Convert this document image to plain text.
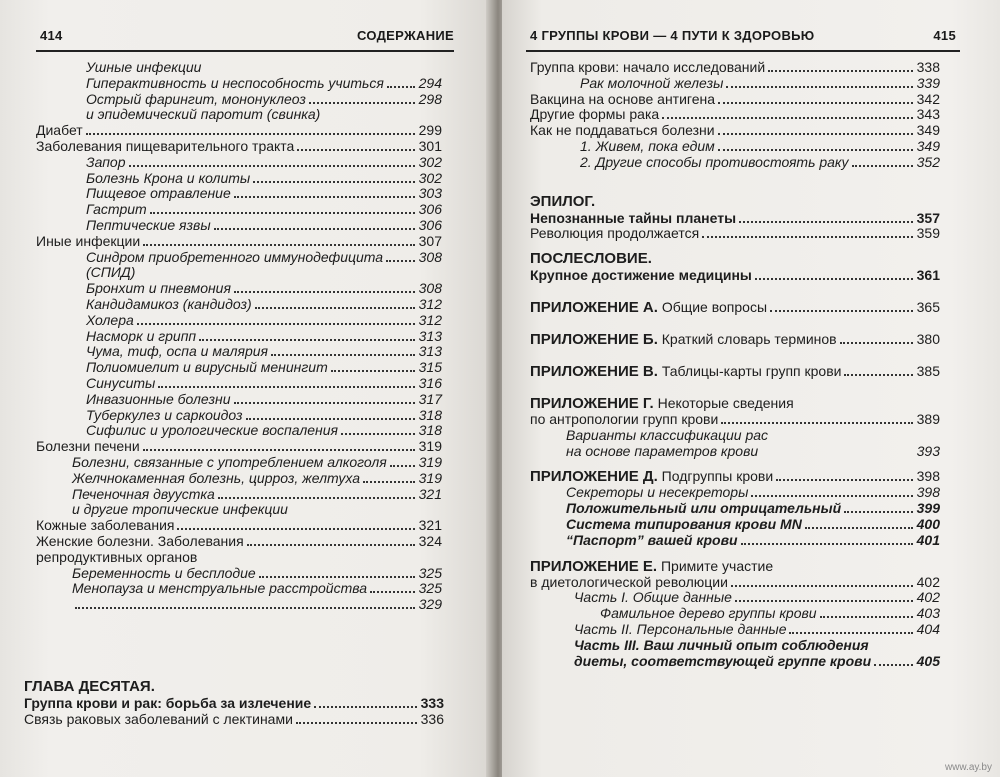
414	СОДЕРЖАНИЕ
Ушные инфекции
Гиперактивность и неспособность учиться 294
Острый фарингит, мононуклеоз	298
и эпидемический паротит (свинка)
Диабет	299
Заболевания пищеварительного тракта	301
Запор	302
Болезнь Крона и колиты	302
Пищевое отравление	303
Гастрит	306
Пептические язвы	306
Иные инфекции	307
Синдром приобретенного иммунодефицита	308
(СПИД)
Бронхит и пневмония	308
Кандидамикоз (кандидоз)	312
Холера	312
Насморк и грипп	313
Чума, тиф, оспа и малярия	313
Полиомиелит и вирусный менингит	315
Синуситы	316
Инвазионные болезни	317
Туберкулез и саркоидоз	318
Сифилис и урологические воспаления	318
Болезни печени	319
Болезни, связанные с употреблением алкоголя 319
Желчнокаменная болезнь, цирроз, желтуха	319
Печеночная двуустка	321
и другие тропические инфекции
Кожные заболевания	321
Женские болезни. Заболевания	324
репродуктивных органов
Беременность и бесплодие	325
Менопауза и менструальные расстройства	325
329
ГЛАВА ДЕСЯТАЯ.
Группа крови и рак: борьба за излечение	333
Связь раковых заболеваний с лектинами	336
4 ГРУППЫ КРОВИ — 4 ПУТИ К ЗДОРОВЬЮ	415
Группа крови: начало исследований	338
Рак молочной железы	339
Вакцина на основе антигена	342
Другие формы рака	343
Как не поддаваться болезни	349
1. Живем, пока едим	349
2. Другие способы противостоять раку	352
ЭПИЛОГ.
Непознанные тайны планеты	357
Революция продолжается	359
ПОСЛЕСЛОВИЕ.
Крупное достижение медицины	361
ПРИЛОЖЕНИЕ А.
Общие вопросы	365
ПРИЛОЖЕНИЕ Б.
Краткий словарь терминов	380
ПРИЛОЖЕНИЕ В.
Таблицы-карты групп крови	385
ПРИЛОЖЕНИЕ Г.
Некоторые сведения
по антропологии групп крови	389
Варианты классификации рас
на основе параметров крови	393
ПРИЛОЖЕНИЕ Д.
Подгруппы крови	398
Секреторы и несекреторы	398
Положительный или отрицательный	399
Система типирования крови MN	400
“Паспорт” вашей крови	401
ПРИЛОЖЕНИЕ Е.
Примите участие
в диетологической революции	402
Часть I. Общие данные	402
Фамильное дерево группы крови	403
Часть II. Персональные данные	404
Часть III. Ваш личный опыт соблюдения
диеты, соответствующей группе крови	405
www.ay.by
